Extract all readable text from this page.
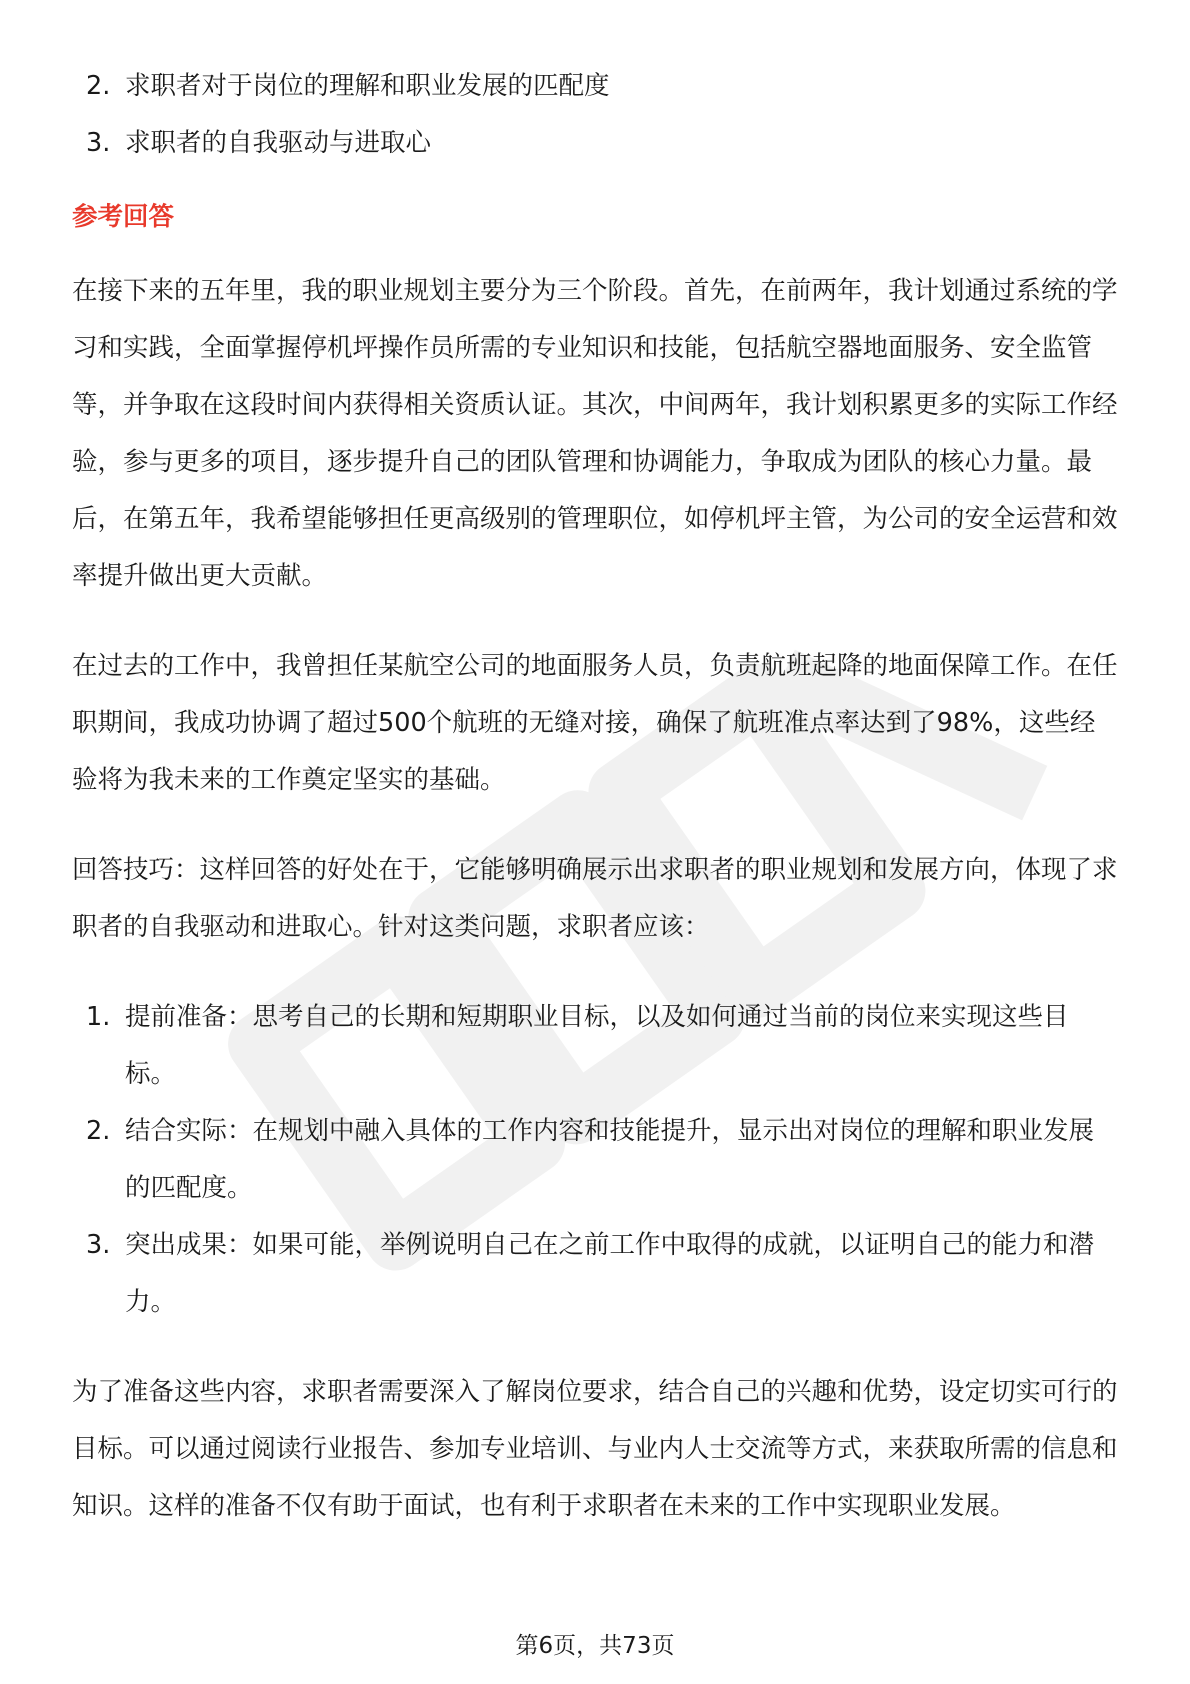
2. 求职者对于岗位的理解和职业发展的匹配度
3. 求职者的自我驱动与进取心
参考回答

在接下来的五年里，我的职业规划主要分为三个阶段。首先，在前两年，我计划通过系统的学习和实践，全面掌握停机坪操作员所需的专业知识和技能，包括航空器地面服务、安全监管等，并争取在这段时间内获得相关资质认证。其次，中间两年，我计划积累更多的实际工作经验，参与更多的项目，逐步提升自己的团队管理和协调能力，争取成为团队的核心力量。最后，在第五年，我希望能够担任更高级别的管理职位，如停机坪主管，为公司的安全运营和效率提升做出更大贡献。

在过去的工作中，我曾担任某航空公司的地面服务人员，负责航班起降的地面保障工作。在任职期间，我成功协调了超过500个航班的无缝对接，确保了航班准点率达到了98%，这些经验将为我未来的工作奠定坚实的基础。

回答技巧：这样回答的好处在于，它能够明确展示出求职者的职业规划和发展方向，体现了求职者的自我驱动和进取心。针对这类问题，求职者应该：

1. 提前准备：思考自己的长期和短期职业目标，以及如何通过当前的岗位来实现这些目标。
2. 结合实际：在规划中融入具体的工作内容和技能提升，显示出对岗位的理解和职业发展的匹配度。
3. 突出成果：如果可能，举例说明自己在之前工作中取得的成就，以证明自己的能力和潜力。

为了准备这些内容，求职者需要深入了解岗位要求，结合自己的兴趣和优势，设定切实可行的目标。可以通过阅读行业报告、参加专业培训、与业内人士交流等方式，来获取所需的信息和知识。这样的准备不仅有助于面试，也有利于求职者在未来的工作中实现职业发展。

第6页，共73页
